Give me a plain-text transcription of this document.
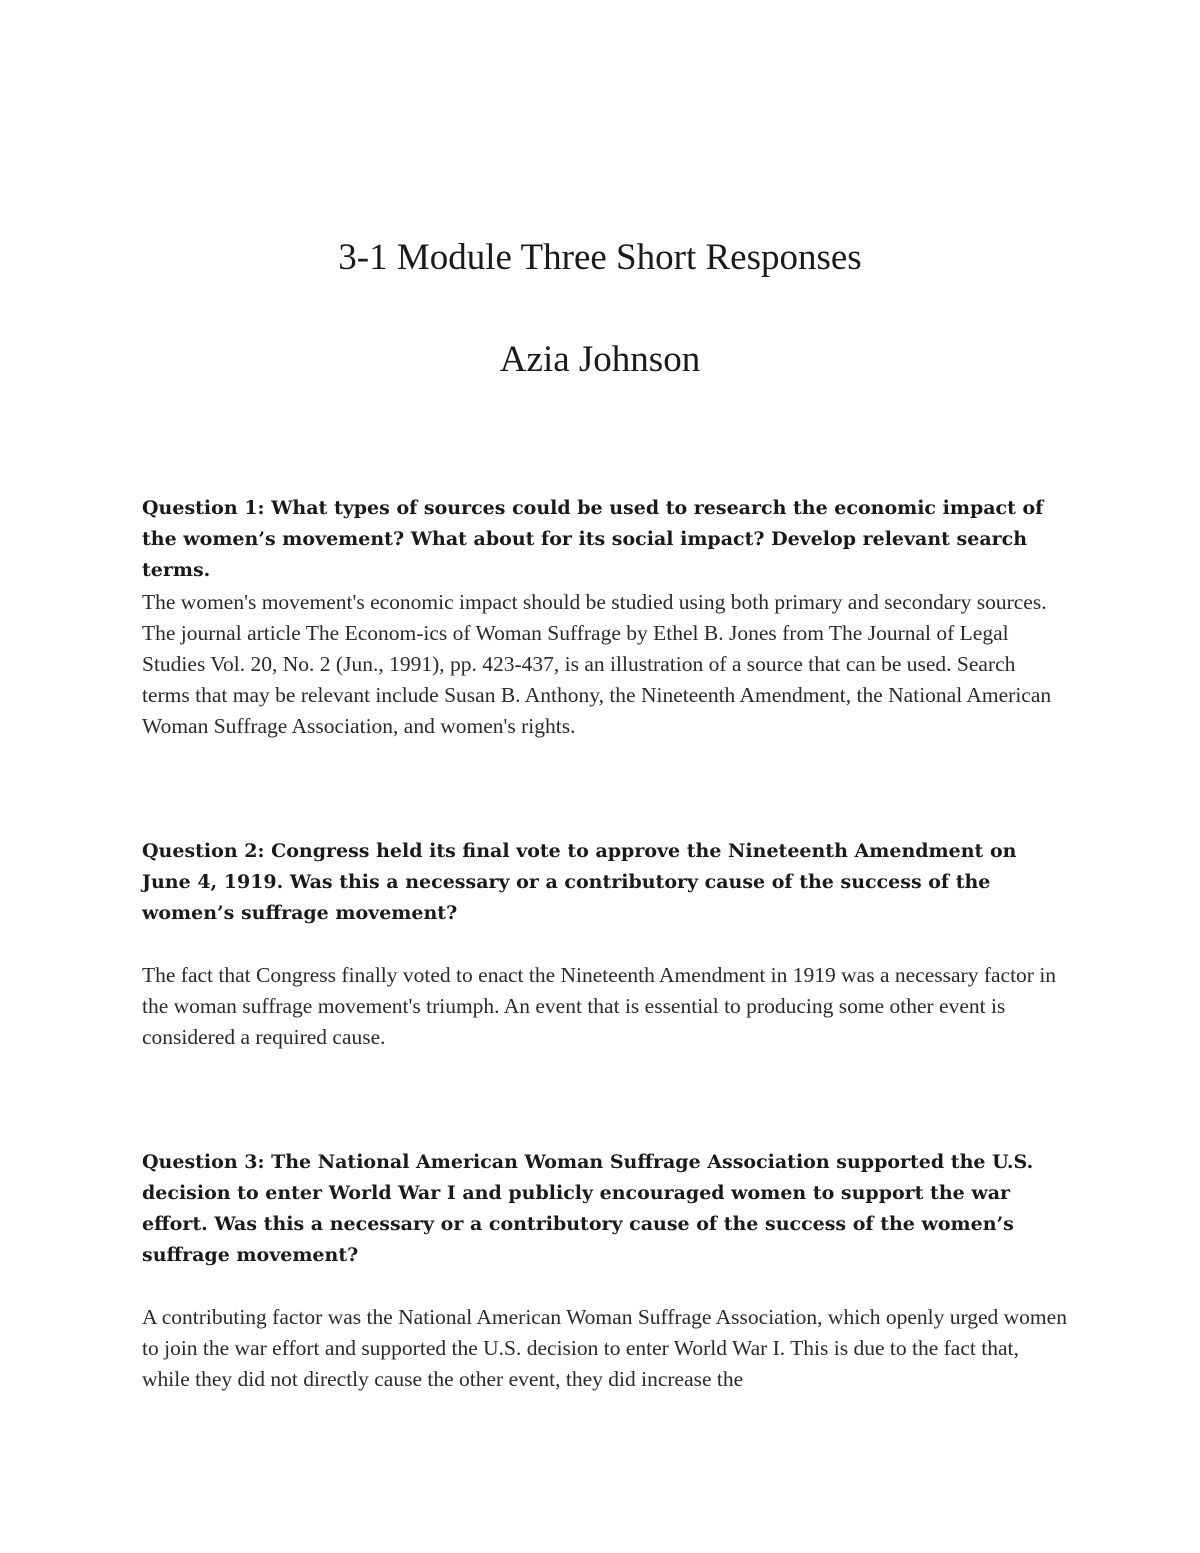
3-1 Module Three Short Responses
Azia Johnson

Question 1: What types of sources could be used to research the economic impact of the women’s movement? What about for its social impact? Develop relevant search terms.

The women's movement's economic impact should be studied using both primary and secondary sources. The journal article The Econom-ics of Woman Suffrage by Ethel B. Jones from The Journal of Legal Studies Vol. 20, No. 2 (Jun., 1991), pp. 423-437, is an illustration of a source that can be used. Search terms that may be relevant include Susan B. Anthony, the Nineteenth Amendment, the National American Woman Suffrage Association, and women's rights.

Question 2: Congress held its final vote to approve the Nineteenth Amendment on June 4, 1919. Was this a necessary or a contributory cause of the success of the women’s suffrage movement?

The fact that Congress finally voted to enact the Nineteenth Amendment in 1919 was a necessary factor in the woman suffrage movement's triumph. An event that is essential to producing some other event is considered a required cause.

Question 3: The National American Woman Suffrage Association supported the U.S. decision to enter World War I and publicly encouraged women to support the war effort. Was this a necessary or a contributory cause of the success of the women’s suffrage movement?

A contributing factor was the National American Woman Suffrage Association, which openly urged women to join the war effort and supported the U.S. decision to enter World War I. This is due to the fact that, while they did not directly cause the other event, they did increase the
